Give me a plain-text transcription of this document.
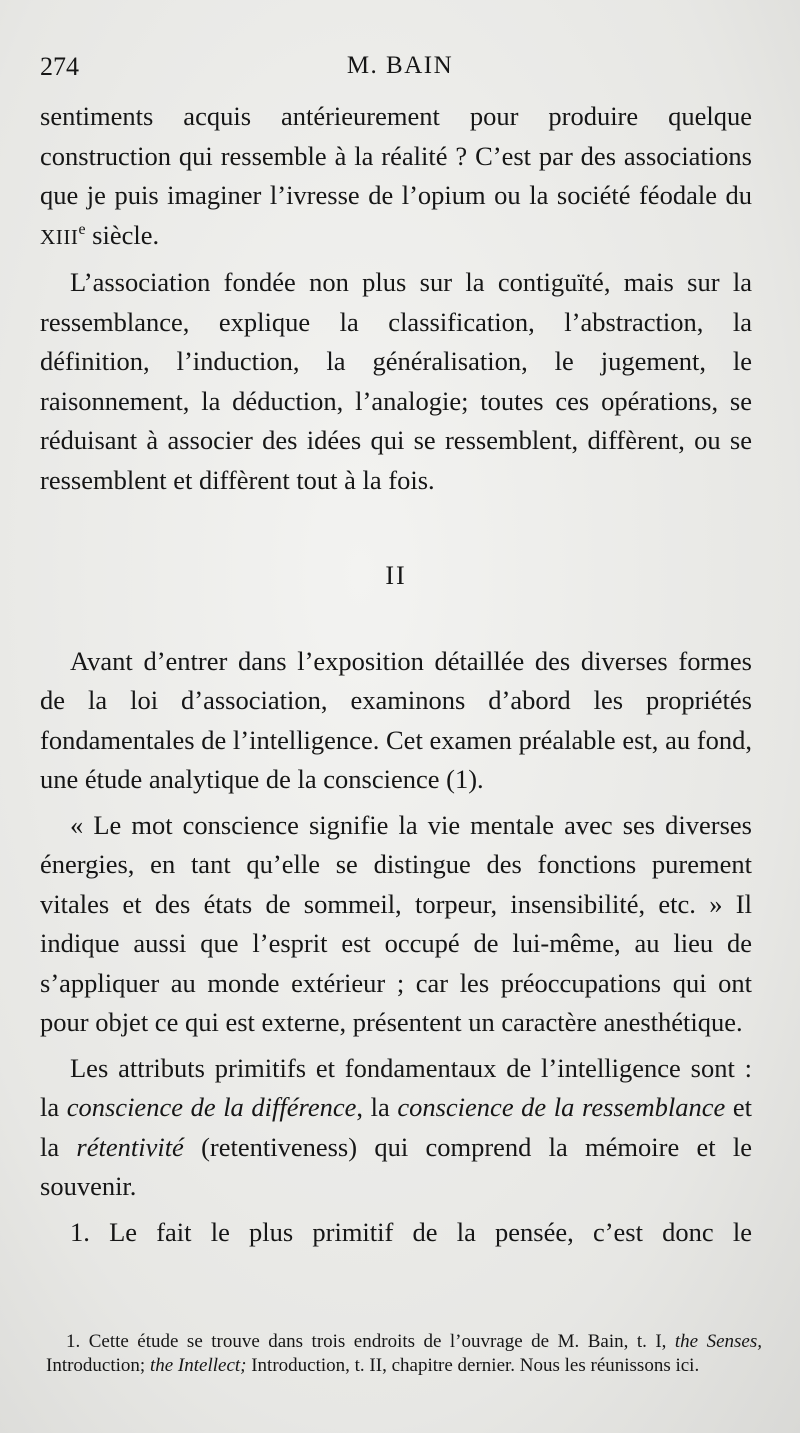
274	M. BAIN

sentiments acquis antérieurement pour produire quelque construction qui ressemble à la réalité ? C’est par des associations que je puis imaginer l’ivresse de l’opium ou la société féodale du XIIIe siècle.

L’association fondée non plus sur la contiguïté, mais sur la ressemblance, explique la classification, l’abstraction, la définition, l’induction, la généralisation, le jugement, le raisonnement, la déduction, l’analogie; toutes ces opérations, se réduisant à associer des idées qui se ressemblent, diffèrent, ou se ressemblent et diffèrent tout à la fois.

II

Avant d’entrer dans l’exposition détaillée des diverses formes de la loi d’association, examinons d’abord les propriétés fondamentales de l’intelligence. Cet examen préalable est, au fond, une étude analytique de la conscience (1).

« Le mot conscience signifie la vie mentale avec ses diverses énergies, en tant qu’elle se distingue des fonctions purement vitales et des états de sommeil, torpeur, insensibilité, etc. » Il indique aussi que l’esprit est occupé de lui-même, au lieu de s’appliquer au monde extérieur ; car les préoccupations qui ont pour objet ce qui est externe, présentent un caractère anesthétique.

Les attributs primitifs et fondamentaux de l’intelligence sont : la conscience de la différence, la conscience de la ressemblance et la rétentivité (retentiveness) qui comprend la mémoire et le souvenir.

1. Le fait le plus primitif de la pensée, c’est donc le

1. Cette étude se trouve dans trois endroits de l’ouvrage de M. Bain, t. I, the Senses, Introduction; the Intellect; Introduction, t. II, chapitre dernier. Nous les réunissons ici.
